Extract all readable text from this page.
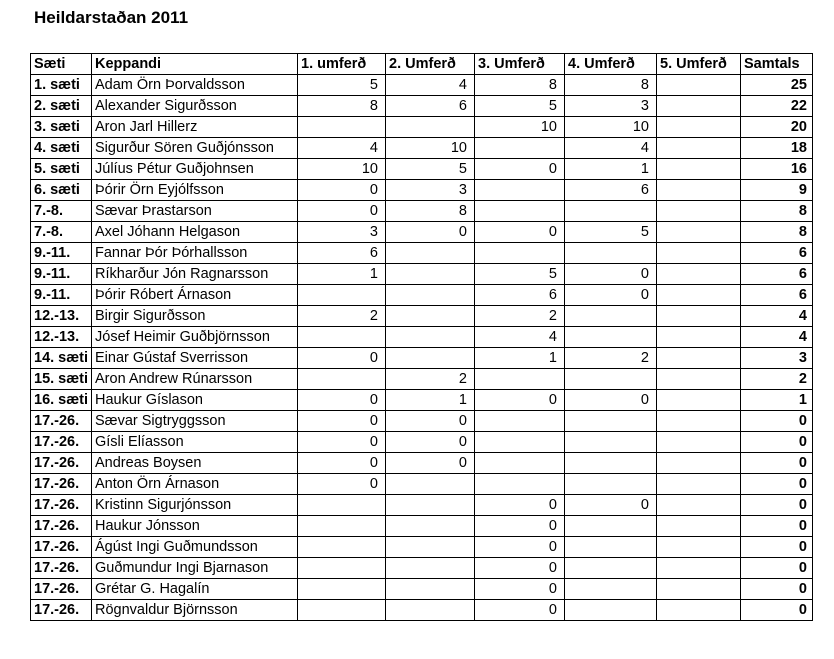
Heildarstaðan 2011
Sæti	Keppandi	1. umferð	2. Umferð	3. Umferð	4. Umferð	5. Umferð	Samtals
1. sæti	Adam Örn Þorvaldsson	5	4	8	8		25
2. sæti	Alexander Sigurðsson	8	6	5	3		22
3. sæti	Aron Jarl Hillerz			10	10		20
4. sæti	Sigurður Sören Guðjónsson	4	10		4		18
5. sæti	Júlíus Pétur Guðjohnsen	10	5	0	1		16
6. sæti	Þórir Örn Eyjólfsson	0	3		6		9
7.-8.	Sævar Þrastarson	0	8				8
7.-8.	Axel Jóhann Helgason	3	0	0	5		8
9.-11.	Fannar Þór Þórhallsson	6					6
9.-11.	Ríkharður Jón Ragnarsson	1		5	0		6
9.-11.	Þórir Róbert Árnason			6	0		6
12.-13.	Birgir Sigurðsson	2		2			4
12.-13.	Jósef Heimir Guðbjörnsson			4			4
14. sæti	Einar Gústaf Sverrisson	0		1	2		3
15. sæti	Aron Andrew Rúnarsson		2				2
16. sæti	Haukur Gíslason	0	1	0	0		1
17.-26.	Sævar Sigtryggsson	0	0				0
17.-26.	Gísli Elíasson	0	0				0
17.-26.	Andreas Boysen	0	0				0
17.-26.	Anton Örn Árnason	0					0
17.-26.	Kristinn Sigurjónsson			0	0		0
17.-26.	Haukur Jónsson			0			0
17.-26.	Ágúst Ingi Guðmundsson			0			0
17.-26.	Guðmundur Ingi Bjarnason			0			0
17.-26.	Grétar G. Hagalín			0			0
17.-26.	Rögnvaldur Björnsson			0			0
